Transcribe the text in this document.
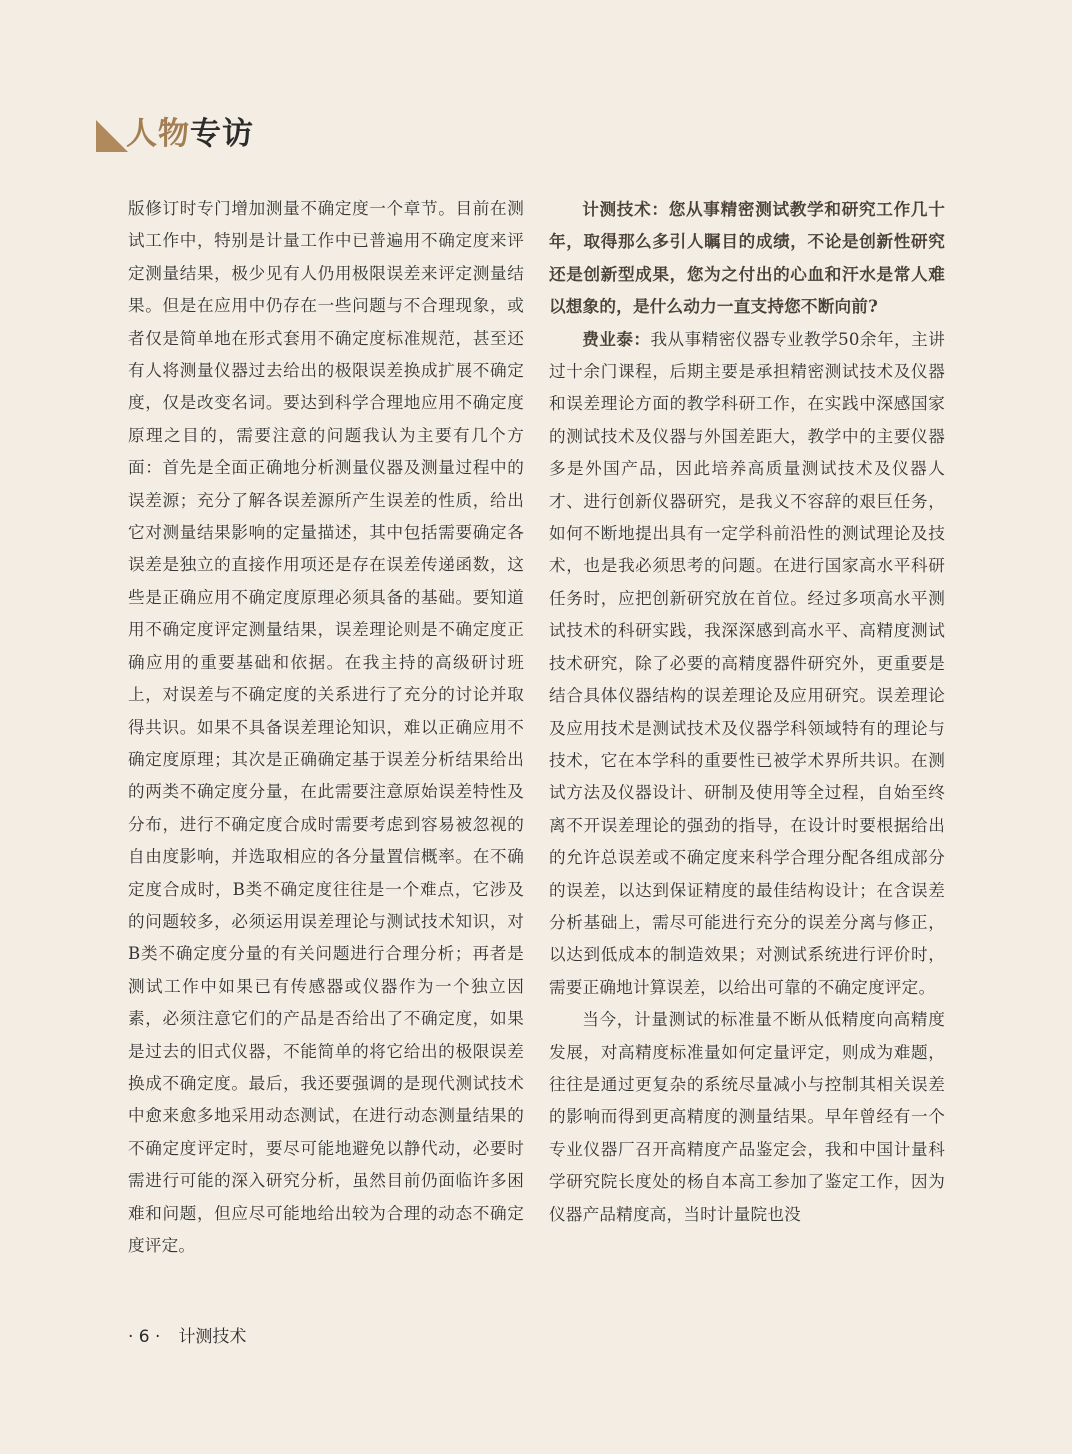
人物专访

版修订时专门增加测量不确定度一个章节。目前在测试工作中，特别是计量工作中已普遍用不确定度来评定测量结果，极少见有人仍用极限误差来评定测量结果。但是在应用中仍存在一些问题与不合理现象，或者仅是简单地在形式套用不确定度标准规范，甚至还有人将测量仪器过去给出的极限误差换成扩展不确定度，仅是改变名词。要达到科学合理地应用不确定度原理之目的，需要注意的问题我认为主要有几个方面：首先是全面正确地分析测量仪器及测量过程中的误差源；充分了解各误差源所产生误差的性质，给出它对测量结果影响的定量描述，其中包括需要确定各误差是独立的直接作用项还是存在误差传递函数，这些是正确应用不确定度原理必须具备的基础。要知道用不确定度评定测量结果，误差理论则是不确定度正确应用的重要基础和依据。在我主持的高级研讨班上，对误差与不确定度的关系进行了充分的讨论并取得共识。如果不具备误差理论知识，难以正确应用不确定度原理；其次是正确确定基于误差分析结果给出的两类不确定度分量，在此需要注意原始误差特性及分布，进行不确定度合成时需要考虑到容易被忽视的自由度影响，并选取相应的各分量置信概率。在不确定度合成时，B类不确定度往往是一个难点，它涉及的问题较多，必须运用误差理论与测试技术知识，对B类不确定度分量的有关问题进行合理分析；再者是测试工作中如果已有传感器或仪器作为一个独立因素，必须注意它们的产品是否给出了不确定度，如果是过去的旧式仪器，不能简单的将它给出的极限误差换成不确定度。最后，我还要强调的是现代测试技术中愈来愈多地采用动态测试，在进行动态测量结果的不确定度评定时，要尽可能地避免以静代动，必要时需进行可能的深入研究分析，虽然目前仍面临许多困难和问题，但应尽可能地给出较为合理的动态不确定度评定。

计测技术：您从事精密测试教学和研究工作几十年，取得那么多引人瞩目的成绩，不论是创新性研究还是创新型成果，您为之付出的心血和汗水是常人难以想象的，是什么动力一直支持您不断向前?

费业泰：我从事精密仪器专业教学50余年，主讲过十余门课程，后期主要是承担精密测试技术及仪器和误差理论方面的教学科研工作，在实践中深感国家的测试技术及仪器与外国差距大，教学中的主要仪器多是外国产品，因此培养高质量测试技术及仪器人才、进行创新仪器研究，是我义不容辞的艰巨任务，如何不断地提出具有一定学科前沿性的测试理论及技术，也是我必须思考的问题。在进行国家高水平科研任务时，应把创新研究放在首位。经过多项高水平测试技术的科研实践，我深深感到高水平、高精度测试技术研究，除了必要的高精度器件研究外，更重要是结合具体仪器结构的误差理论及应用研究。误差理论及应用技术是测试技术及仪器学科领域特有的理论与技术，它在本学科的重要性已被学术界所共识。在测试方法及仪器设计、研制及使用等全过程，自始至终离不开误差理论的强劲的指导，在设计时要根据给出的允许总误差或不确定度来科学合理分配各组成部分的误差，以达到保证精度的最佳结构设计；在含误差分析基础上，需尽可能进行充分的误差分离与修正，以达到低成本的制造效果；对测试系统进行评价时，需要正确地计算误差，以给出可靠的不确定度评定。

当今，计量测试的标准量不断从低精度向高精度发展，对高精度标准量如何定量评定，则成为难题，往往是通过更复杂的系统尽量减小与控制其相关误差的影响而得到更高精度的测量结果。早年曾经有一个专业仪器厂召开高精度产品鉴定会，我和中国计量科学研究院长度处的杨自本高工参加了鉴定工作，因为仪器产品精度高，当时计量院也没

· 6 · 计测技术
